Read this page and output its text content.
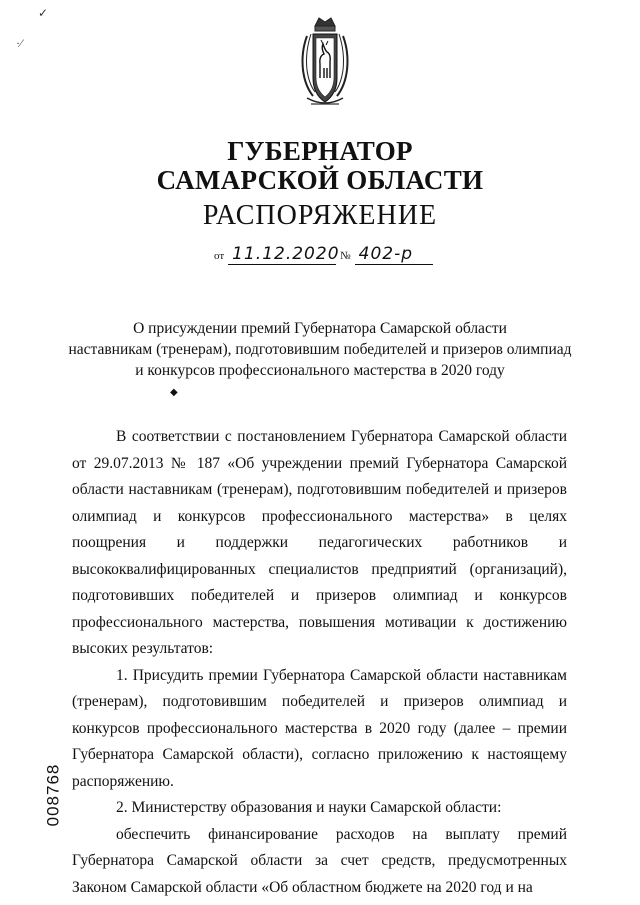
✓
·⁄
ГУБЕРНАТОР
САМАРСКОЙ ОБЛАСТИ
РАСПОРЯЖЕНИЕ
от 11.12.2020№ 402-р

О присуждении премий Губернатора Самарской области

наставникам (тренерам), подготовившим победителей и призеров олимпиад

и конкурсов профессионального мастерства в 2020 году

◆

В соответствии с постановлением Губернатора Самарской области от 29.07.2013 № 187 «Об учреждении премий Губернатора Самарской области наставникам (тренерам), подготовившим победителей и призеров олимпиад и конкурсов профессионального мастерства» в целях поощрения и поддержки педагогических работников и высококвалифицированных специалистов предприятий (организаций), подготовивших победителей и призеров олимпиад и конкурсов профессионального мастерства, повышения мотивации к достижению высоких результатов:

1. Присудить премии Губернатора Самарской области наставникам (тренерам), подготовившим победителей и призеров олимпиад и конкурсов профессионального мастерства в 2020 году (далее – премии Губернатора Самарской области), согласно приложению к настоящему распоряжению.

2. Министерству образования и науки Самарской области:

обеспечить финансирование расходов на выплату премий Губернатора Самарской области за счет средств, предусмотренных Законом Самарской области «Об областном бюджете на 2020 год и на

008768
